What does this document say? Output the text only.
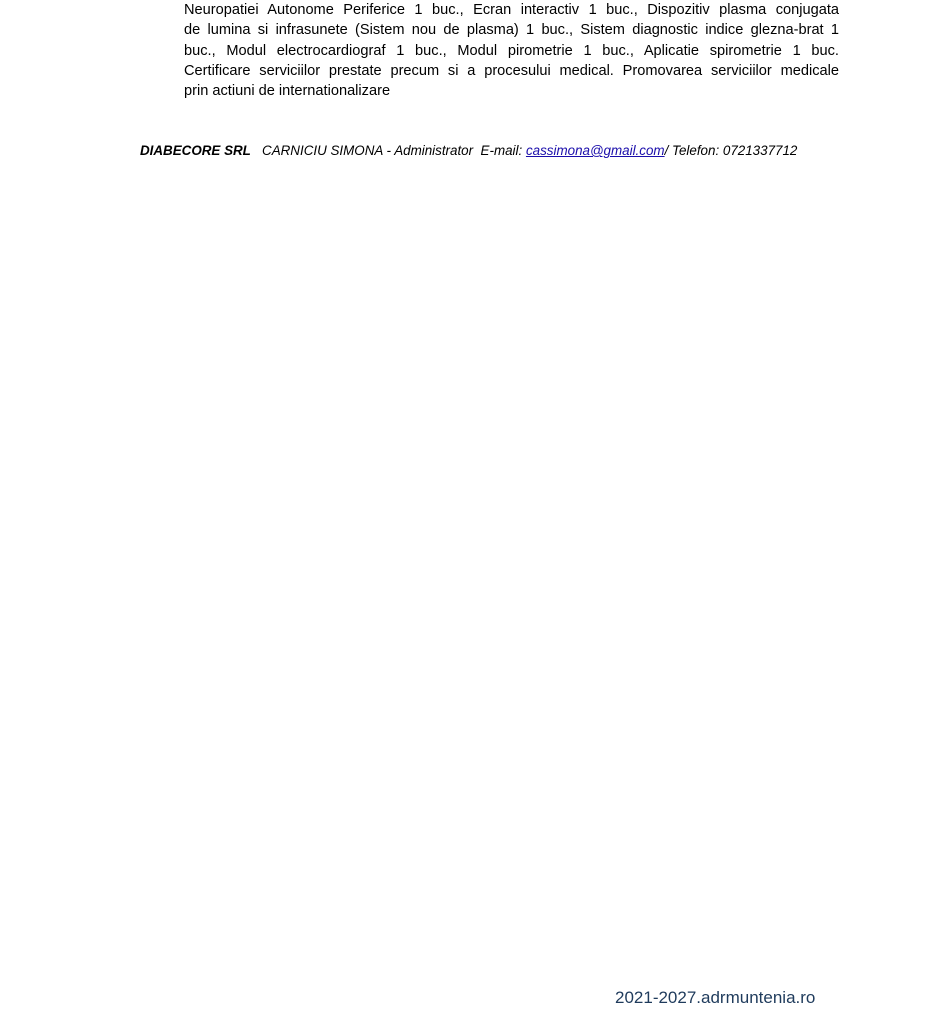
Neuropatiei Autonome Periferice 1 buc., Ecran interactiv 1 buc., Dispozitiv plasma conjugata
de lumina si infrasunete (Sistem nou de plasma) 1 buc., Sistem diagnostic indice glezna-brat 1
buc., Modul electrocardiograf 1 buc., Modul pirometrie 1 buc., Aplicatie spirometrie 1 buc.
Certificare serviciilor prestate precum si a procesului medical. Promovarea serviciilor medicale
prin actiuni de internationalizare
DIABECORE SRL CARNICIU SIMONA - Administrator E-mail: cassimona@gmail.com/ Telefon: 0721337712
2021-2027.adrmuntenia.ro
